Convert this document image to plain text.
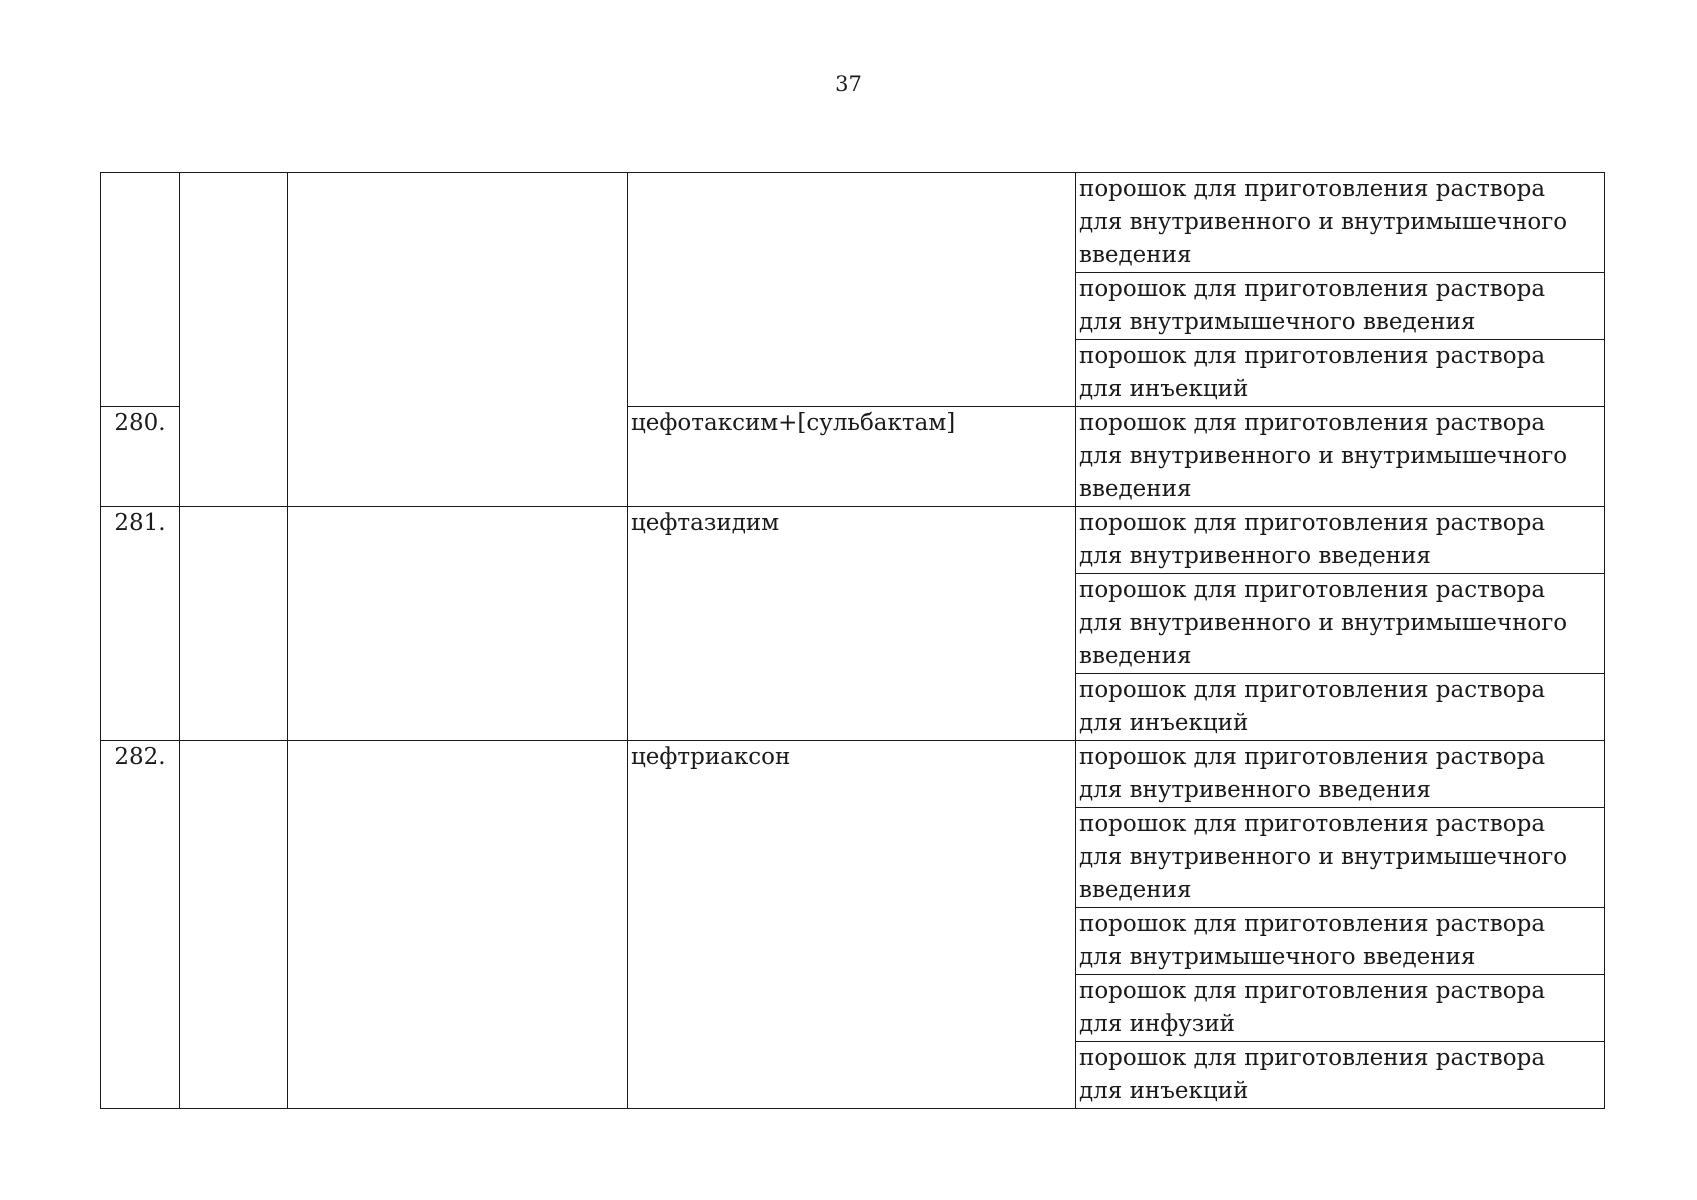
37
				порошок для приготовления раствора
для внутривенного и внутримышечного
введения
				порошок для приготовления раствора
для внутримышечного введения
				порошок для приготовления раствора
для инъекций
280.			цефотаксим+[сульбактам]	порошок для приготовления раствора
для внутривенного и внутримышечного
введения
281.			цефтазидим	порошок для приготовления раствора
для внутривенного введения
				порошок для приготовления раствора
для внутривенного и внутримышечного
введения
				порошок для приготовления раствора
для инъекций
282.			цефтриаксон	порошок для приготовления раствора
для внутривенного введения
				порошок для приготовления раствора
для внутривенного и внутримышечного
введения
				порошок для приготовления раствора
для внутримышечного введения
				порошок для приготовления раствора
для инфузий
				порошок для приготовления раствора
для инъекций
